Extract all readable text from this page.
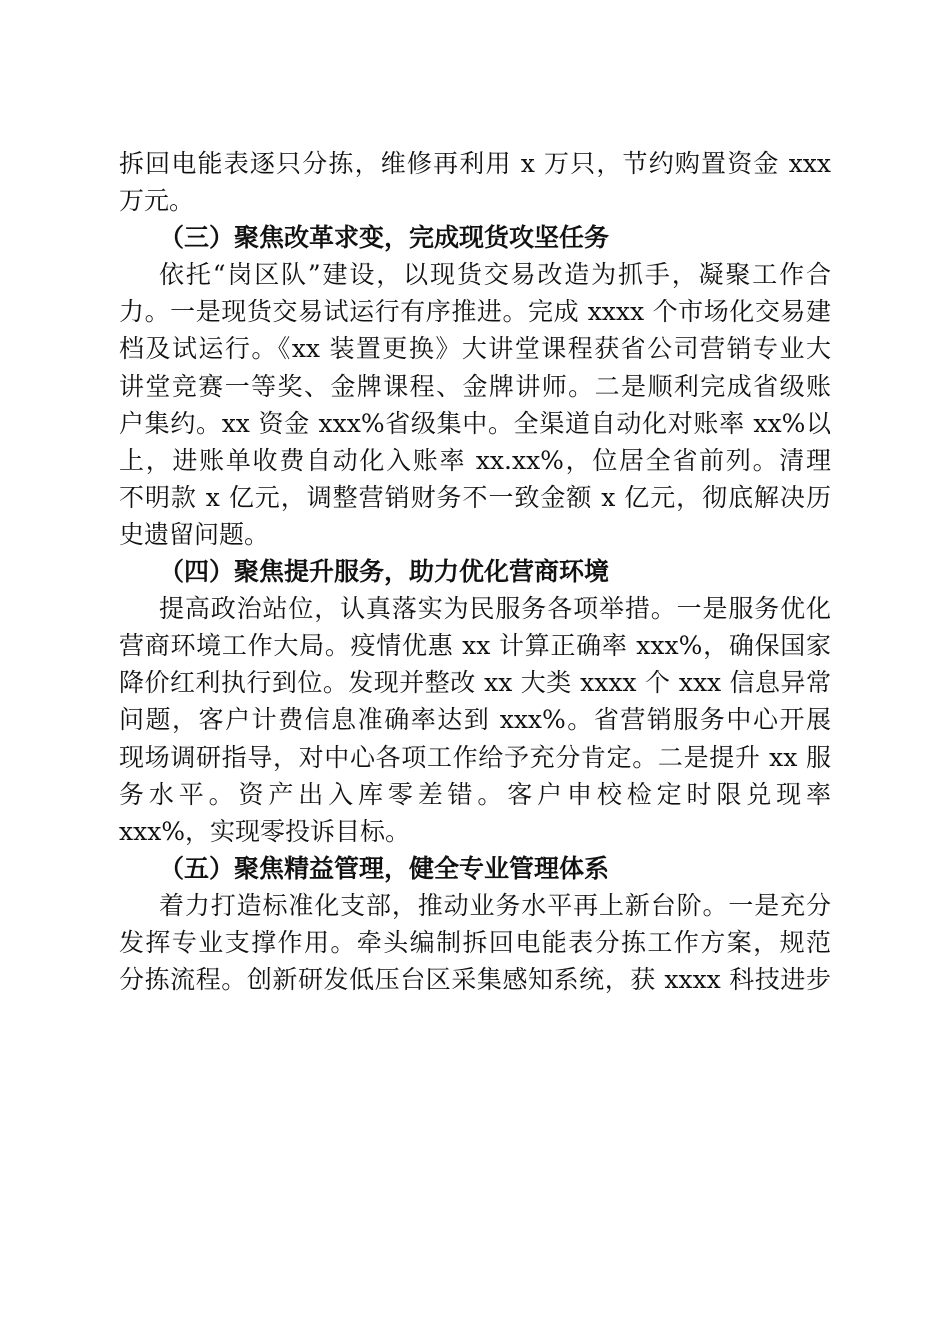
拆回电能表逐只分拣，维修再利用 x 万只，节约购置资金 xxx
万元。
（三）聚焦改革求变，完成现货攻坚任务
依托“岗区队”建设，以现货交易改造为抓手，凝聚工作合
力。一是现货交易试运行有序推进。完成 xxxx 个市场化交易建
档及试运行。《xx 装置更换》大讲堂课程获省公司营销专业大
讲堂竞赛一等奖、金牌课程、金牌讲师。二是顺利完成省级账
户集约。xx 资金 xxx%省级集中。全渠道自动化对账率 xx%以
上，进账单收费自动化入账率 xx.xx%，位居全省前列。清理
不明款 x 亿元，调整营销财务不一致金额 x 亿元，彻底解决历
史遗留问题。
（四）聚焦提升服务，助力优化营商环境
提高政治站位，认真落实为民服务各项举措。一是服务优化
营商环境工作大局。疫情优惠 xx 计算正确率 xxx%，确保国家
降价红利执行到位。发现并整改 xx 大类 xxxx 个 xxx 信息异常
问题，客户计费信息准确率达到 xxx%。省营销服务中心开展
现场调研指导，对中心各项工作给予充分肯定。二是提升 xx 服
务水平。资产出入库零差错。客户申校检定时限兑现率
xxx%，实现零投诉目标。
（五）聚焦精益管理，健全专业管理体系
着力打造标准化支部，推动业务水平再上新台阶。一是充分
发挥专业支撑作用。牵头编制拆回电能表分拣工作方案，规范
分拣流程。创新研发低压台区采集感知系统，获 xxxx 科技进步
